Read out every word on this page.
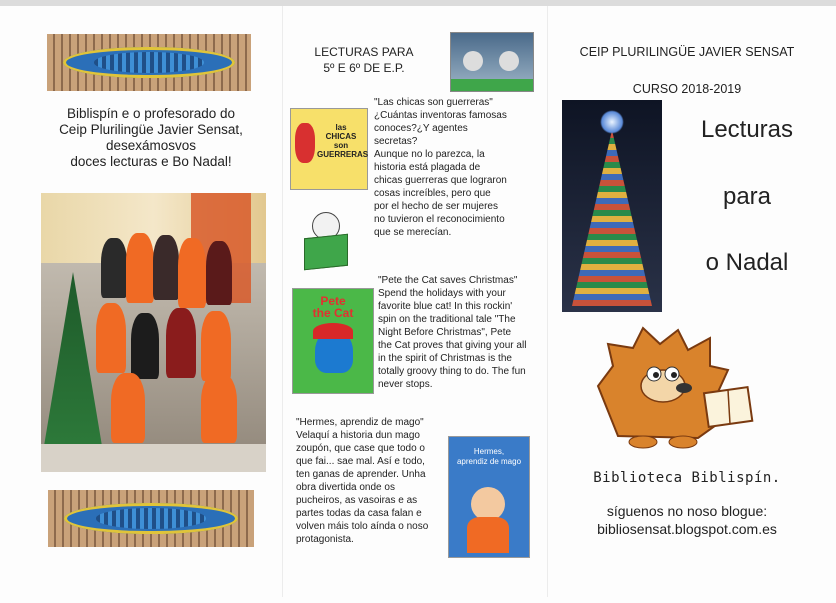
Biblispín e o profesorado do
Ceip Plurilingüe Javier Sensat,
desexámosvos
doces lecturas e Bo Nadal!

LECTURAS PARA
5º E 6º DE E.P.

las
CHICAS
son
GUERRERAS

"Las chicas son guerreras"
¿Cuántas inventoras famosas
conoces?¿Y agentes
secretas?
Aunque no lo parezca, la
historia está plagada de
chicas guerreras que lograron
cosas increíbles, pero que
por el hecho de ser mujeres
no tuvieron el reconocimiento
que se merecían.

Pete
the Cat

"Pete the Cat saves Christmas"
Spend the holidays with your
favorite blue cat! In this rockin'
spin on the traditional tale "The
Night Before Christmas", Pete
the Cat proves that giving your all
in the spirit of Christmas is the
totally groovy thing to do. The fun
never stops.

"Hermes, aprendiz de mago"
Velaquí a historia dun mago
zoupón, que case que todo o
que fai... sae mal. Así e todo,
ten ganas de aprender. Unha
obra divertida onde os
pucheiros, as vasoiras e as
partes todas da casa falan e
volven máis tolo aínda o noso
protagonista.

Hermes,
aprendiz de mago

CEIP PLURILINGÜE JAVIER SENSAT

CURSO 2018-2019

Lecturas

para

o Nadal

Biblioteca Biblispín.

síguenos no noso blogue:

bibliosensat.blogspot.com.es
